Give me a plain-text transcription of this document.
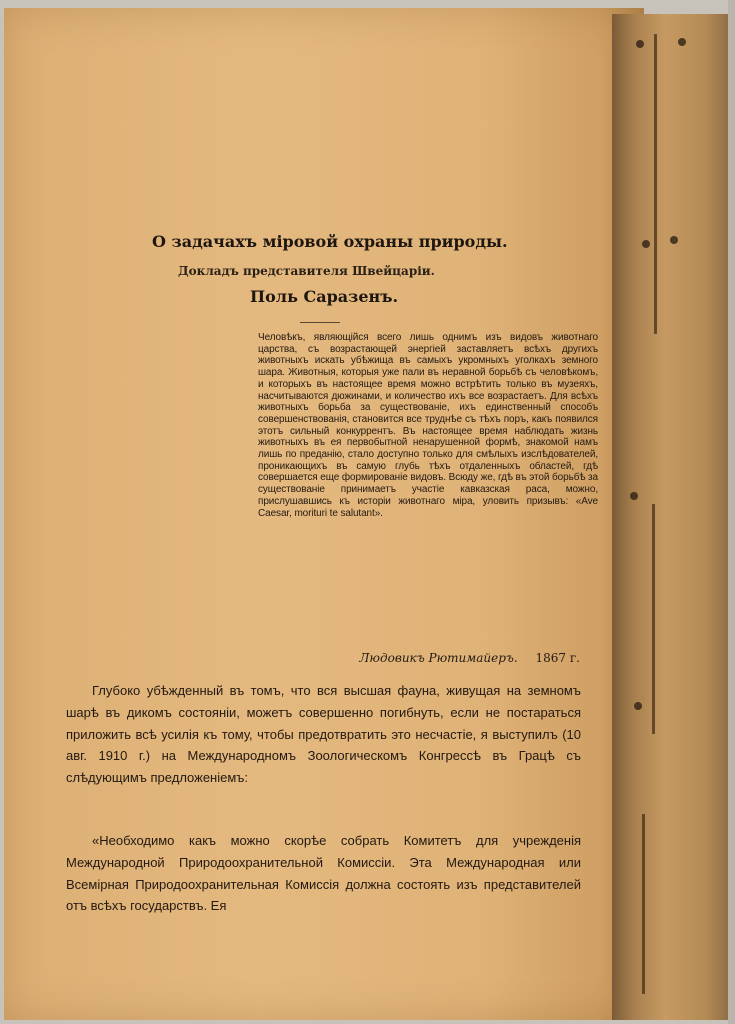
О задачахъ міровой охраны природы.
Докладъ представителя Швейцаріи.
Поль Саразенъ.
Человѣкъ, являющійся всего лишь однимъ изъ видовъ животнаго царства, съ возрастающей энергіей заставляетъ всѣхъ другихъ животныхъ искать убѣжища въ самыхъ укромныхъ уголкахъ земного шара. Животныя, которыя уже пали въ неравной борьбѣ съ человѣкомъ, и которыхъ въ настоящее время можно встрѣтить только въ музеяхъ, насчитываются дюжинами, и количество ихъ все возрастаетъ. Для всѣхъ животныхъ борьба за существованіе, ихъ единственный способъ совершенствованія, становится все труднѣе съ тѣхъ поръ, какъ появился этотъ сильный конкуррентъ. Въ настоящее время наблюдать жизнь животныхъ въ ея первобытной ненарушенной формѣ, знакомой намъ лишь по преданію, стало доступно только для смѣлыхъ изслѣдователей, проникающихъ въ самую глубь тѣхъ отдаленныхъ областей, гдѣ совершается еще формированіе видовъ. Всюду же, гдѣ въ этой борьбѣ за существованіе принимаетъ участіе кавказская раса, можно, прислушавшись къ исторіи животнаго міра, уловить призывъ: «Ave Caesar, morituri te salutant».
Людовикъ Рютимайеръ. 1867 г.
Глубоко убѣжденный въ томъ, что вся высшая фауна, живущая на земномъ шарѣ въ дикомъ состояніи, можетъ совершенно погибнуть, если не постараться приложить всѣ усилія къ тому, чтобы предотвратить это несчастіе, я выступилъ (10 авг. 1910 г.) на Международномъ Зоологическомъ Конгрессѣ въ Грацѣ съ слѣдующимъ предложеніемъ:
«Необходимо какъ можно скорѣе собрать Комитетъ для учрежденія Международной Природоохранительной Комиссіи. Эта Международная или Всемірная Природоохранительная Комиссія должна состоять изъ представителей отъ всѣхъ государствъ. Ея
